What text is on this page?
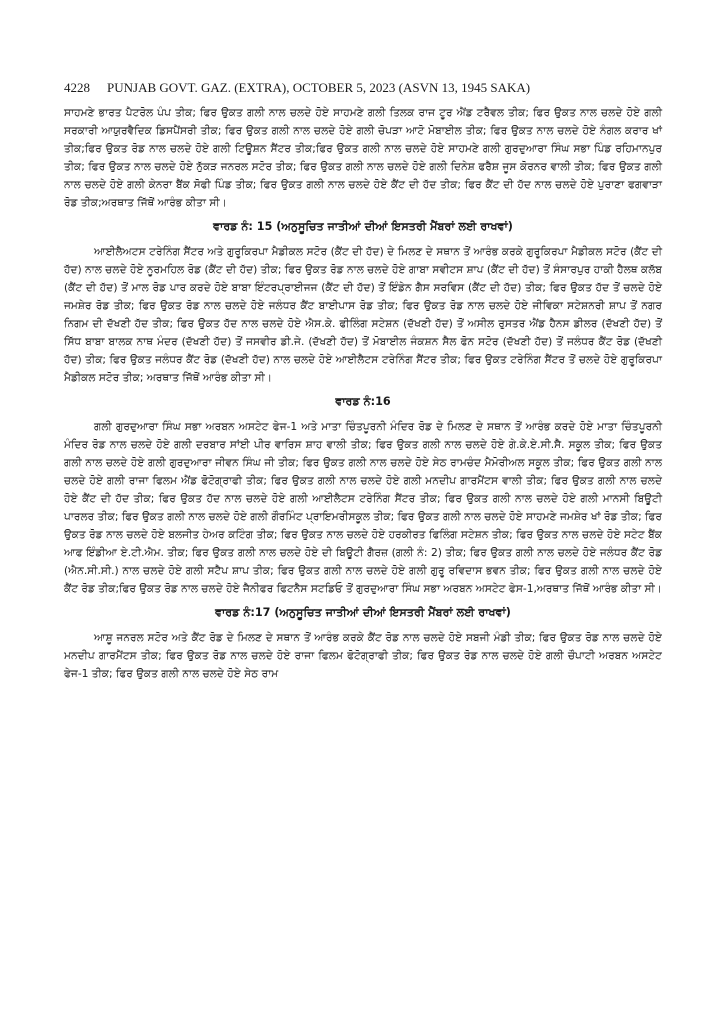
4228 PUNJAB GOVT. GAZ. (EXTRA), OCTOBER 5, 2023 (ASVN 13, 1945 SAKA)

ਸਾਹਮਣੇ ਭਾਰਤ ਪੈਟਰੋਲ ਪੰਪ ਤੀਕ; ਫਿਰ ਉਕਤ ਗਲੀ ਨਾਲ ਚਲਦੇ ਹੋਏ ਸਾਹਮਣੇ ਗਲੀ ਤਿਲਕ ਰਾਜ ਟੂਰ ਐਂਡ ਟਰੈਵਲ ਤੀਕ; ਫਿਰ ਉਕਤ ਨਾਲ ਚਲਦੇ ਹੋਏ ਗਲੀ ਸਰਕਾਰੀ ਆਯੁਰਵੈਦਿਕ ਡਿਸਪੈਂਸਰੀ ਤੀਕ; ਫਿਰ ਉਕਤ ਗਲੀ ਨਾਲ ਚਲਦੇ ਹੋਏ ਗਲੀ ਚੋਪੜਾ ਆਟੋ ਮੋਬਾਈਲ ਤੀਕ; ਫਿਰ ਉਕਤ ਨਾਲ ਚਲਦੇ ਹੋਏ ਨੰਗਲ ਕਰਾਰ ਖਾਂ ਤੀਕ;ਫਿਰ ਉਕਤ ਰੋਡ ਨਾਲ ਚਲਦੇ ਹੋਏ ਗਲੀ ਟਿਊਸ਼ਨ ਸੈਂਟਰ ਤੀਕ;ਫਿਰ ਉਕਤ ਗਲੀ ਨਾਲ ਚਲਦੇ ਹੋਏ ਸਾਹਮਣੇ ਗਲੀ ਗੁਰਦੁਆਰਾ ਸਿੰਘ ਸਭਾ ਪਿੰਡ ਰਹਿਮਾਨਪੁਰ ਤੀਕ; ਫਿਰ ਉਕਤ ਨਾਲ ਚਲਦੇ ਹੋਏ ਨੁੱਕੜ ਜਨਰਲ ਸਟੋਰ ਤੀਕ; ਫਿਰ ਉਕਤ ਗਲੀ ਨਾਲ ਚਲਦੇ ਹੋਏ ਗਲੀ ਦਿਨੇਸ਼ ਫਰੈਸ਼ ਜੂਸ ਕੋਰਨਰ ਵਾਲੀ ਤੀਕ; ਫਿਰ ਉਕਤ ਗਲੀ ਨਾਲ ਚਲਦੇ ਹੋਏ ਗਲੀ ਕੇਨਰਾ ਬੈਂਕ ਸੋਫੀ ਪਿੰਡ ਤੀਕ; ਫਿਰ ਉਕਤ ਗਲੀ ਨਾਲ ਚਲਦੇ ਹੋਏ ਕੈਂਟ ਦੀ ਹੱਦ ਤੀਕ; ਫਿਰ ਕੈਂਟ ਦੀ ਹੱਦ ਨਾਲ ਚਲਦੇ ਹੋਏ ਪੁਰਾਣਾ ਫਗਵਾੜਾ ਰੋਡ ਤੀਕ;ਅਰਥਾਤ ਜਿੱਥੋਂ ਆਰੰਭ ਕੀਤਾ ਸੀ।

ਵਾਰਡ ਨੰ: 15 (ਅਨੁਸੂਚਿਤ ਜਾਤੀਆਂ ਦੀਆਂ ਇਸਤਰੀ ਮੈਂਬਰਾਂ ਲਈ ਰਾਖਵਾਂ)

ਆਈਲੈਅਟਸ ਟਰੇਨਿੰਗ ਸੈਂਟਰ ਅਤੇ ਗੁਰੂਕਿਰਪਾ ਮੈਡੀਕਲ ਸਟੋਰ (ਕੈਂਟ ਦੀ ਹੱਦ) ਦੇ ਮਿਲਣ ਦੇ ਸਥਾਨ ਤੋਂ ਆਰੰਭ ਕਰਕੇ ਗੁਰੂਕਿਰਪਾ ਮੈਡੀਕਲ ਸਟੋਰ (ਕੈਂਟ ਦੀ ਹੱਦ) ਨਾਲ ਚਲਦੇ ਹੋਏ ਨੂਰਮਹਿਲ ਰੋਡ (ਕੈਂਟ ਦੀ ਹੱਦ) ਤੀਕ; ਫਿਰ ਉਕਤ ਰੋਡ ਨਾਲ ਚਲਦੇ ਹੋਏ ਗਾਬਾ ਸਵੀਟਸ ਸ਼ਾਪ (ਕੈਂਟ ਦੀ ਹੱਦ) ਤੋਂ ਸੰਸਾਰਪੁਰ ਹਾਕੀ ਹੈਲਥ ਕਲੱਬ (ਕੈਂਟ ਦੀ ਹੱਦ) ਤੋਂ ਮਾਲ ਰੋਡ ਪਾਰ ਕਰਦੇ ਹੋਏ ਬਾਬਾ ਇੰਟਰਪ੍ਰਾਈਜਜ (ਕੈਂਟ ਦੀ ਹੱਦ) ਤੋਂ ਇੰਡੇਨ ਗੈਸ ਸਰਵਿਸ (ਕੈਂਟ ਦੀ ਹੱਦ) ਤੀਕ; ਫਿਰ ਉਕਤ ਹੱਦ ਤੋਂ ਚਲਦੇ ਹੋਏ ਜਮਸ਼ੇਰ ਰੋਡ ਤੀਕ; ਫਿਰ ਉਕਤ ਰੋਡ ਨਾਲ ਚਲਦੇ ਹੋਏ ਜਲੰਧਰ ਕੈਂਟ ਬਾਈਪਾਸ ਰੋਡ ਤੀਕ; ਫਿਰ ਉਕਤ ਰੋਡ ਨਾਲ ਚਲਦੇ ਹੋਏ ਜੀਵਿਕਾ ਸਟੇਸ਼ਨਰੀ ਸ਼ਾਪ ਤੋਂ ਨਗਰ ਨਿਗਮ ਦੀ ਦੱਖਣੀ ਹੱਦ ਤੀਕ; ਫਿਰ ਉਕਤ ਹੱਦ ਨਾਲ ਚਲਦੇ ਹੋਏ ਐਸ.ਕੇ. ਫੀਲਿੰਗ ਸਟੇਸ਼ਨ (ਦੱਖਣੀ ਹੱਦ) ਤੋਂ ਅਸੀਲ ਰੁਸਤਰ ਐਂਡ ਹੈਨਸ ਡੀਲਰ (ਦੱਖਣੀ ਹੱਦ) ਤੋਂ ਸਿੱਧ ਬਾਬਾ ਬਾਲਕ ਨਾਥ ਮੰਦਰ (ਦੱਖਣੀ ਹੱਦ) ਤੋਂ ਜਸਵੀਰ ਡੀ.ਜੇ. (ਦੱਖਣੀ ਹੱਦ) ਤੋਂ ਮੋਬਾਈਲ ਜੰਕਸ਼ਨ ਸੈਲ ਫੋਨ ਸਟੋਰ (ਦੱਖਣੀ ਹੱਦ) ਤੋਂ ਜਲੰਧਰ ਕੈਂਟ ਰੋਡ (ਦੱਖਣੀ ਹੱਦ) ਤੀਕ; ਫਿਰ ਉਕਤ ਜਲੰਧਰ ਕੈਂਟ ਰੋਡ (ਦੱਖਣੀ ਹੱਦ) ਨਾਲ ਚਲਦੇ ਹੋਏ ਆਈਲੈਟਸ ਟਰੇਨਿੰਗ ਸੈਂਟਰ ਤੀਕ; ਫਿਰ ਉਕਤ ਟਰੇਨਿੰਗ ਸੈਂਟਰ ਤੋਂ ਚਲਦੇ ਹੋਏ ਗੁਰੂਕਿਰਪਾ ਮੈਡੀਕਲ ਸਟੋਰ ਤੀਕ; ਅਰਥਾਤ ਜਿੱਥੋਂ ਆਰੰਭ ਕੀਤਾ ਸੀ।

ਵਾਰਡ ਨੰ:16

ਗਲੀ ਗੁਰਦੁਆਰਾ ਸਿੰਘ ਸਭਾ ਅਰਬਨ ਅਸਟੇਟ ਫੇਜ-1 ਅਤੇ ਮਾਤਾ ਚਿੰਤਪੂਰਨੀ ਮੰਦਿਰ ਰੋਡ ਦੇ ਮਿਲਣ ਦੇ ਸਥਾਨ ਤੋਂ ਆਰੰਭ ਕਰਦੇ ਹੋਏ ਮਾਤਾ ਚਿੰਤਪੂਰਨੀ ਮੰਦਿਰ ਰੋਡ ਨਾਲ ਚਲਦੇ ਹੋਏ ਗਲੀ ਦਰਬਾਰ ਸਾਂਈ ਪੀਰ ਵਾਰਿਸ ਸ਼ਾਹ ਵਾਲੀ ਤੀਕ; ਫਿਰ ਉਕਤ ਗਲੀ ਨਾਲ ਚਲਦੇ ਹੋਏ ਗੇ.ਕੇ.ਏ.ਸੀ.ਸੈ. ਸਕੂਲ ਤੀਕ; ਫਿਰ ਉਕਤ ਗਲੀ ਨਾਲ ਚਲਦੇ ਹੋਏ ਗਲੀ ਗੁਰਦੁਆਰਾ ਜੀਵਨ ਸਿੰਘ ਜੀ ਤੀਕ; ਫਿਰ ਉਕਤ ਗਲੀ ਨਾਲ ਚਲਦੇ ਹੋਏ ਸੇਠ ਰਾਮਚੰਦ ਮੈਮੋਰੀਅਲ ਸਕੂਲ ਤੀਕ; ਫਿਰ ਉਕਤ ਗਲੀ ਨਾਲ ਚਲਦੇ ਹੋਏ ਗਲੀ ਰਾਜਾ ਫਿਲਮ ਐਂਡ ਫੋਟੋਗ੍ਰਾਫੀ ਤੀਕ; ਫਿਰ ਉਕਤ ਗਲੀ ਨਾਲ ਚਲਦੇ ਹੋਏ ਗਲੀ ਮਨਦੀਪ ਗਾਰਮੈਂਟਸ ਵਾਲੀ ਤੀਕ; ਫਿਰ ਉਕਤ ਗਲੀ ਨਾਲ ਚਲਦੇ ਹੋਏ ਕੈਂਟ ਦੀ ਹੱਦ ਤੀਕ; ਫਿਰ ਉਕਤ ਹੱਦ ਨਾਲ ਚਲਦੇ ਹੋਏ ਗਲੀ ਆਈਲੈਟਸ ਟਰੇਨਿੰਗ ਸੈਂਟਰ ਤੀਕ; ਫਿਰ ਉਕਤ ਗਲੀ ਨਾਲ ਚਲਦੇ ਹੋਏ ਗਲੀ ਮਾਨਸੀ ਬਿਊਟੀ ਪਾਰਲਰ ਤੀਕ; ਫਿਰ ਉਕਤ ਗਲੀ ਨਾਲ ਚਲਦੇ ਹੋਏ ਗਲੀ ਗੌਰਮਿੰਟ ਪ੍ਰਾਇਮਰੀਸਕੂਲ ਤੀਕ; ਫਿਰ ਉਕਤ ਗਲੀ ਨਾਲ ਚਲਦੇ ਹੋਏ ਸਾਹਮਣੇ ਜਮਸ਼ੇਰ ਖਾਂ ਰੋਡ ਤੀਕ; ਫਿਰ ਉਕਤ ਰੋਡ ਨਾਲ ਚਲਦੇ ਹੋਏ ਬਲਜੀਤ ਹੇਅਰ ਕਟਿੰਗ ਤੀਕ; ਫਿਰ ਉਕਤ ਨਾਲ ਚਲਦੇ ਹੋਏ ਹਰਕੀਰਤ ਫਿਲਿੰਗ ਸਟੇਸ਼ਨ ਤੀਕ; ਫਿਰ ਉਕਤ ਨਾਲ ਚਲਦੇ ਹੋਏ ਸਟੇਟ ਬੈਂਕ ਆਫ ਇੰਡੀਆ ਏ.ਟੀ.ਐਮ. ਤੀਕ; ਫਿਰ ਉਕਤ ਗਲੀ ਨਾਲ ਚਲਦੇ ਹੋਏ ਦੀ ਬਿਊਟੀ ਗੈਰਜ਼ (ਗਲੀ ਨੰ: 2) ਤੀਕ; ਫਿਰ ਉਕਤ ਗਲੀ ਨਾਲ ਚਲਦੇ ਹੋਏ ਜਲੰਧਰ ਕੈਂਟ ਰੋਡ (ਐਨ.ਸੀ.ਸੀ.) ਨਾਲ ਚਲਦੇ ਹੋਏ ਗਲੀ ਸਟੈਪ ਸ਼ਾਪ ਤੀਕ; ਫਿਰ ਉਕਤ ਗਲੀ ਨਾਲ ਚਲਦੇ ਹੋਏ ਗਲੀ ਗੁਰੂ ਰਵਿਦਾਸ ਭਵਨ ਤੀਕ; ਫਿਰ ਉਕਤ ਗਲੀ ਨਾਲ ਚਲਦੇ ਹੋਏ ਕੈਂਟ ਰੋਡ ਤੀਕ;ਫਿਰ ਉਕਤ ਰੋਡ ਨਾਲ ਚਲਦੇ ਹੋਏ ਜੈਨੀਫਰ ਫਿਟਨੈਸ ਸਟਡਿਓ ਤੋਂ ਗੁਰਦੁਆਰਾ ਸਿੰਘ ਸਭਾ ਅਰਬਨ ਅਸਟੇਟ ਫੇਸ-1,ਅਰਥਾਤ ਜਿੱਥੋਂ ਆਰੰਭ ਕੀਤਾ ਸੀ।

ਵਾਰਡ ਨੰ:17 (ਅਨੁਸੂਚਿਤ ਜਾਤੀਆਂ ਦੀਆਂ ਇਸਤਰੀ ਮੈਂਬਰਾਂ ਲਈ ਰਾਖਵਾਂ)

ਆਸ਼ੂ ਜਨਰਲ ਸਟੋਰ ਅਤੇ ਕੈਂਟ ਰੋਡ ਦੇ ਮਿਲਣ ਦੇ ਸਥਾਨ ਤੋਂ ਆਰੰਭ ਕਰਕੇ ਕੈਂਟ ਰੋਡ ਨਾਲ ਚਲਦੇ ਹੋਏ ਸਬਜੀ ਮੰਡੀ ਤੀਕ; ਫਿਰ ਉਕਤ ਰੋਡ ਨਾਲ ਚਲਦੇ ਹੋਏ ਮਨਦੀਪ ਗਾਰਮੈਂਟਸ ਤੀਕ; ਫਿਰ ਉਕਤ ਰੋਡ ਨਾਲ ਚਲਦੇ ਹੋਏ ਰਾਜਾ ਫਿਲਮ ਫੋਟੋਗ੍ਰਾਫੀ ਤੀਕ; ਫਿਰ ਉਕਤ ਰੋਡ ਨਾਲ ਚਲਦੇ ਹੋਏ ਗਲੀ ਚੌਪਾਟੀ ਅਰਬਨ ਅਸਟੇਟ ਫੇਜ-1 ਤੀਕ; ਫਿਰ ਉਕਤ ਗਲੀ ਨਾਲ ਚਲਦੇ ਹੋਏ ਸੇਠ ਰਾਮ
